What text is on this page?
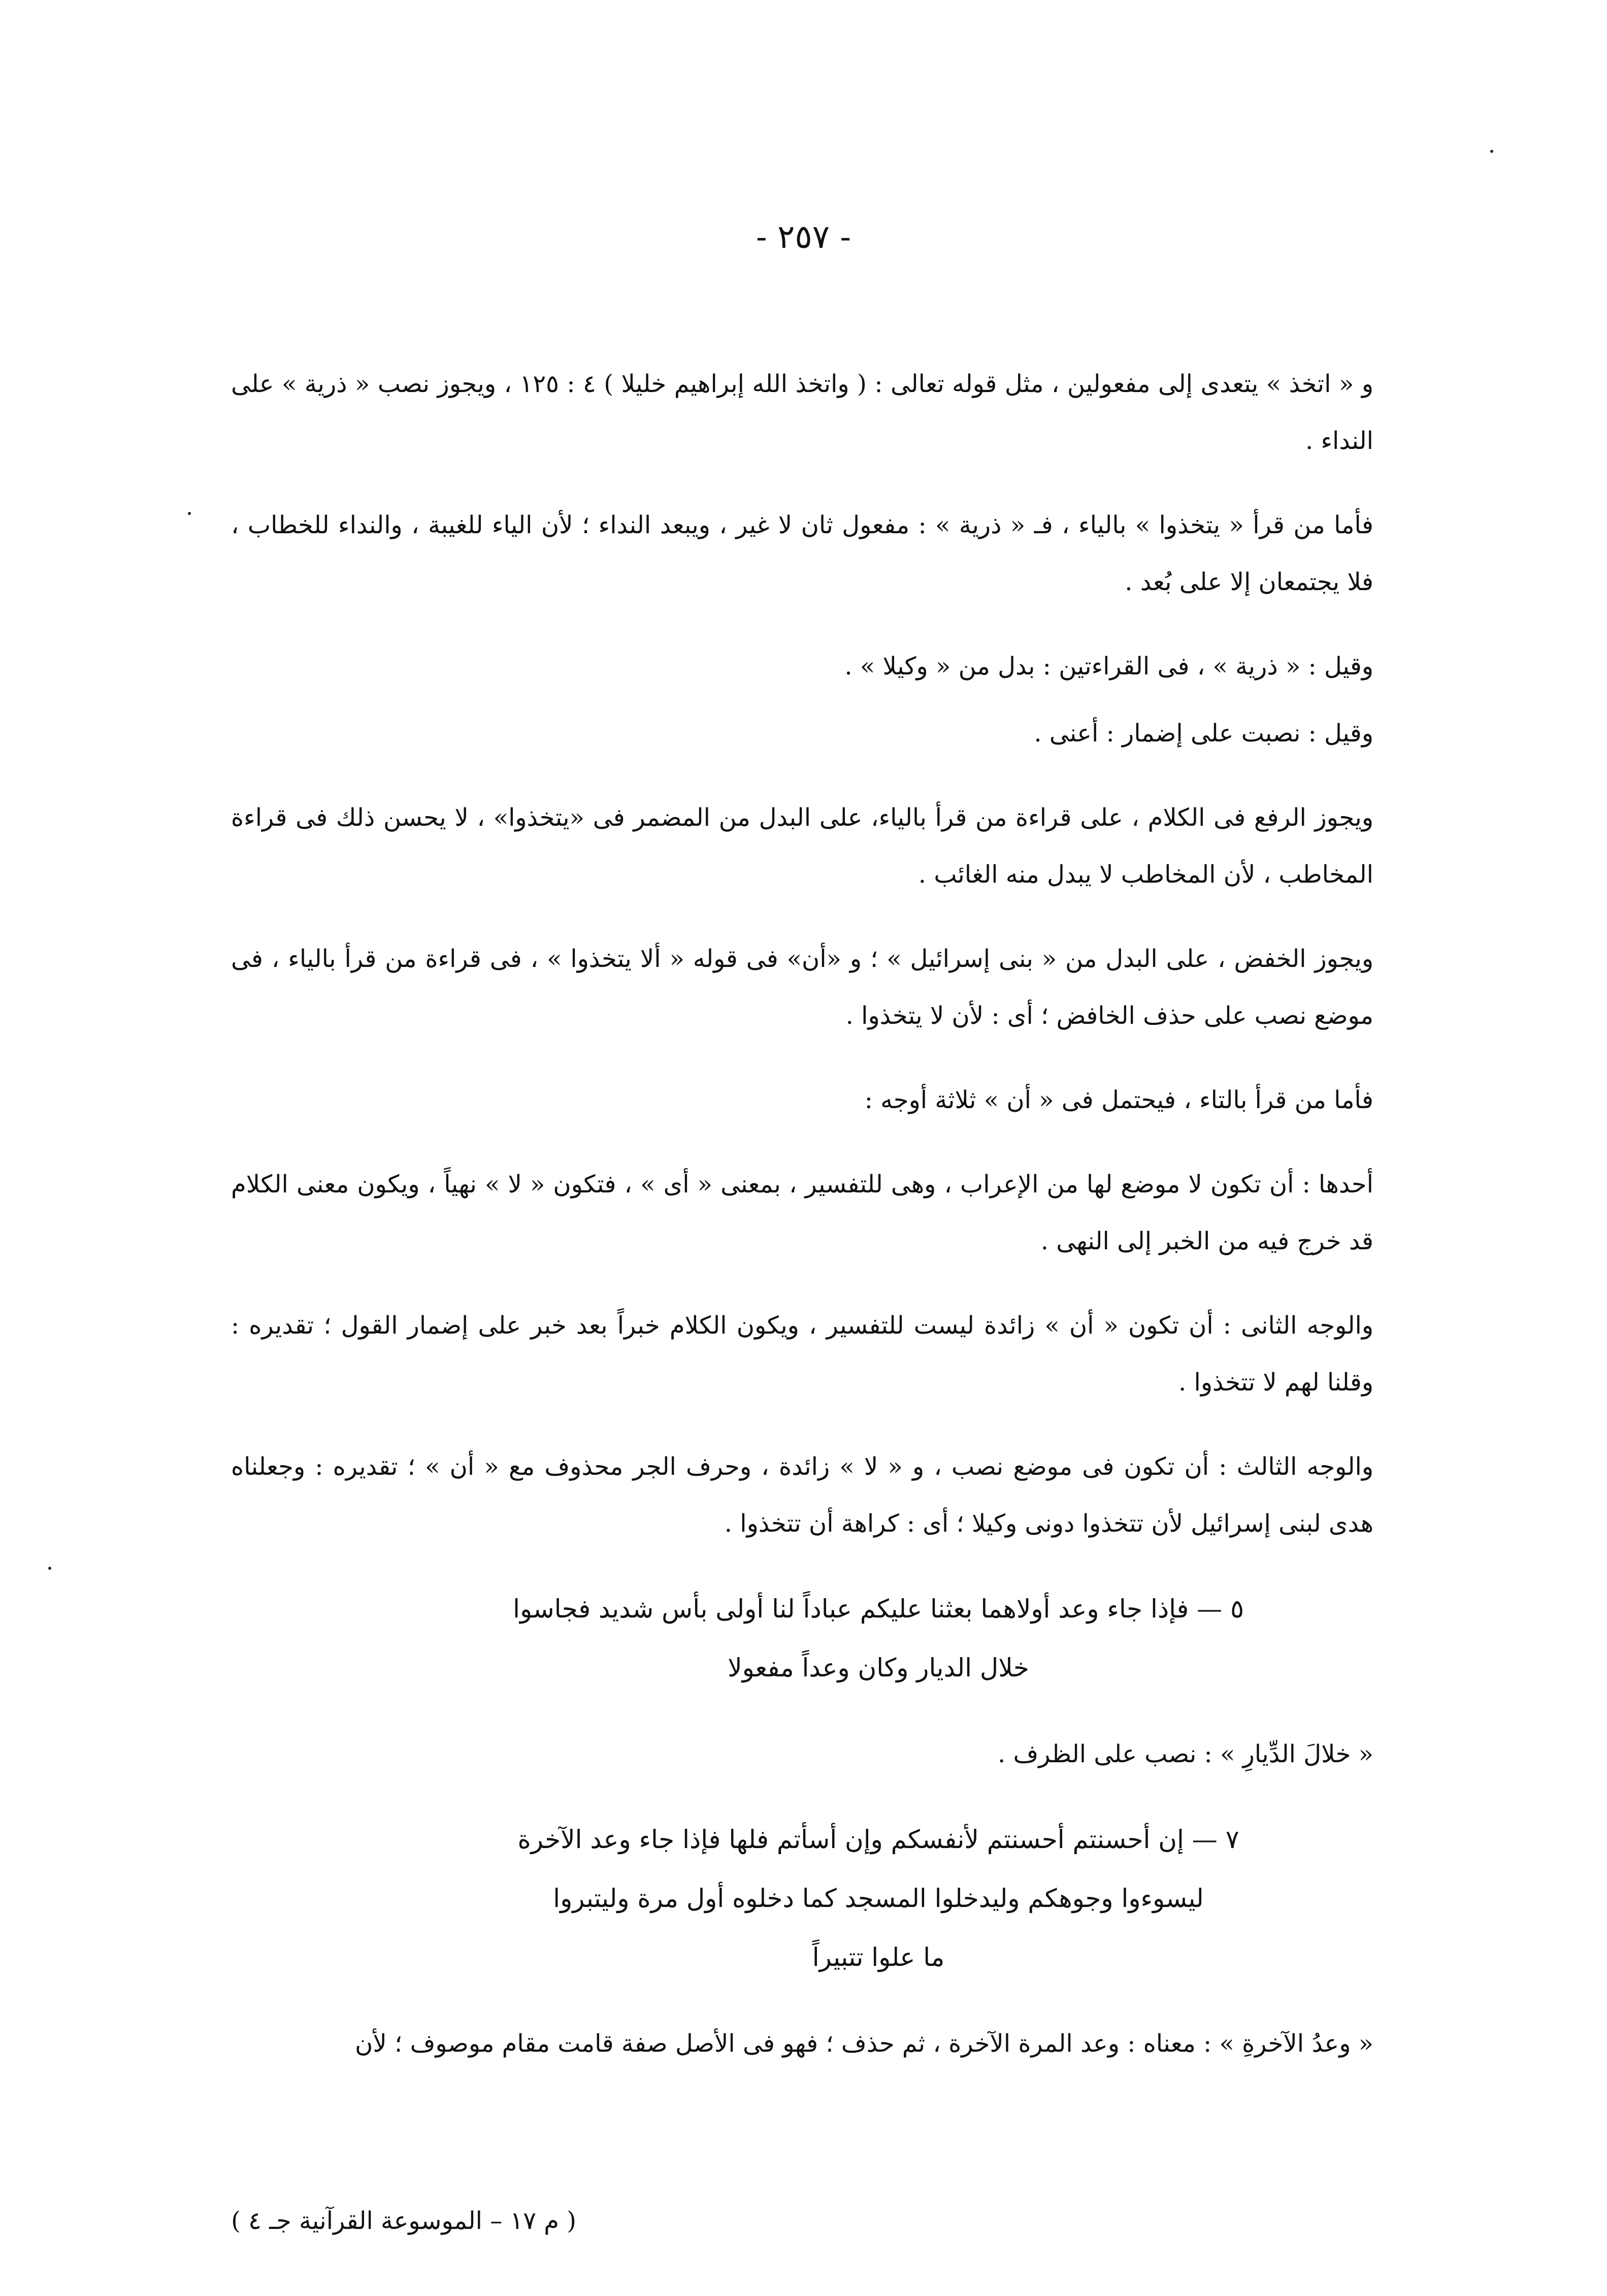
- ٢٥٧ -

و « اتخذ » يتعدى إلى مفعولين ، مثل قوله تعالى : ( واتخذ الله إبراهيم خليلا ) ٤ : ١٢٥ ، ويجوز نصب « ذرية » على النداء .

فأما من قرأ « يتخذوا » بالياء ، فـ « ذرية » : مفعول ثان لا غير ، ويبعد النداء ؛ لأن الياء للغيبة ، والنداء للخطاب ، فلا يجتمعان إلا على بُعد .

وقيل : « ذرية » ، فى القراءتين : بدل من « وكيلا » .

وقيل : نصبت على إضمار : أعنى .

ويجوز الرفع فى الكلام ، على قراءة من قرأ بالياء، على البدل من المضمر فى «يتخذوا» ، لا يحسن ذلك فى قراءة المخاطب ، لأن المخاطب لا يبدل منه الغائب .

ويجوز الخفض ، على البدل من « بنى إسرائيل » ؛ و «أن» فى قوله « ألا يتخذوا » ، فى قراءة من قرأ بالياء ، فى موضع نصب على حذف الخافض ؛ أى : لأن لا يتخذوا .

فأما من قرأ بالتاء ، فيحتمل فى « أن » ثلاثة أوجه :

أحدها : أن تكون لا موضع لها من الإعراب ، وهى للتفسير ، بمعنى « أى » ، فتكون « لا » نهياً ، ويكون معنى الكلام قد خرج فيه من الخبر إلى النهى .

والوجه الثانى : أن تكون « أن » زائدة ليست للتفسير ، ويكون الكلام خبراً بعد خبر على إضمار القول ؛ تقديره : وقلنا لهم لا تتخذوا .

والوجه الثالث : أن تكون فى موضع نصب ، و « لا » زائدة ، وحرف الجر محذوف مع « أن » ؛ تقديره : وجعلناه هدى لبنى إسرائيل لأن تتخذوا دونى وكيلا ؛ أى : كراهة أن تتخذوا .

٥ — فإذا جاء وعد أولاهما بعثنا عليكم عباداً لنا أولى بأس شديد فجاسوا
خلال الديار وكان وعداً مفعولا

« خلالَ الدِّيارِ » : نصب على الظرف .

٧ — إن أحسنتم أحسنتم لأنفسكم وإن أسأتم فلها فإذا جاء وعد الآخرة
ليسوءوا وجوهكم وليدخلوا المسجد كما دخلوه أول مرة وليتبروا
ما علوا تتبيراً

« وعدُ الآخرةِ » : معناه : وعد المرة الآخرة ، ثم حذف ؛ فهو فى الأصل صفة قامت مقام موصوف ؛ لأن

( م ١٧ – الموسوعة القرآنية جـ ٤ )
